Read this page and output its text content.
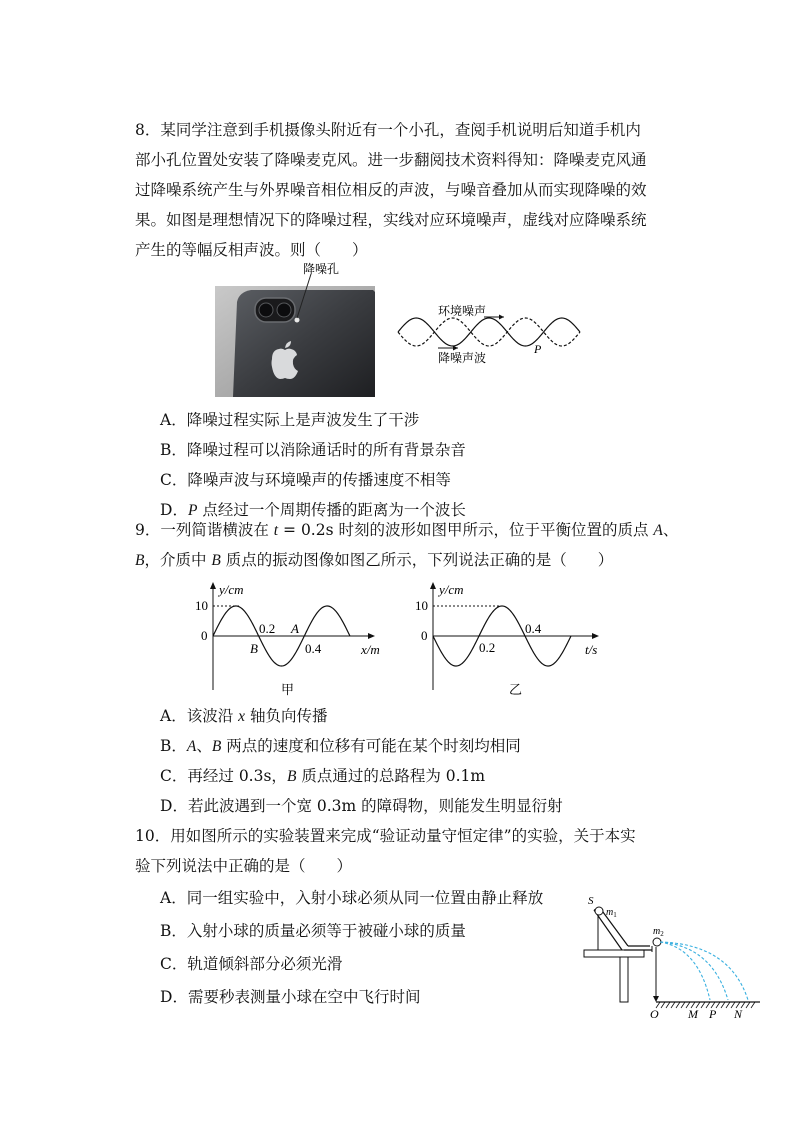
8．某同学注意到手机摄像头附近有一个小孔，查阅手机说明后知道手机内
部小孔位置处安装了降噪麦克风。进一步翻阅技术资料得知：降噪麦克风通
过降噪系统产生与外界噪音相位相反的声波，与噪音叠加从而实现降噪的效
果。如图是理想情况下的降噪过程，实线对应环境噪声，虚线对应降噪系统
产生的等幅反相声波。则（　　）
降噪孔
环境噪声
降噪声波
P
A．降噪过程实际上是声波发生了干涉
B．降噪过程可以消除通话时的所有背景杂音
C．降噪声波与环境噪声的传播速度不相等
D．P 点经过一个周期传播的距离为一个波长
9．一列简谐横波在 t = 0.2s 时刻的波形如图甲所示，位于平衡位置的质点 A、
B，介质中 B 质点的振动图像如图乙所示，下列说法正确的是（　　）
y/cm
10
0	0.2 A
B	0.4	x/m
甲
y/cm
10
0	0.4
0.2	t/s
乙
A．该波沿 x 轴负向传播
B．A、B 两点的速度和位移有可能在某个时刻均相同
C．再经过 0.3s，B 质点通过的总路程为 0.1m
D．若此波遇到一个宽 0.3m 的障碍物，则能发生明显衍射
10．用如图所示的实验装置来完成“验证动量守恒定律”的实验，关于本实
验下列说法中正确的是（　　）
A．同一组实验中，入射小球必须从同一位置由静止释放
B．入射小球的质量必须等于被碰小球的质量
C．轨道倾斜部分必须光滑
D．需要秒表测量小球在空中飞行时间
S
$m_1$
$m_2$
O M P N
